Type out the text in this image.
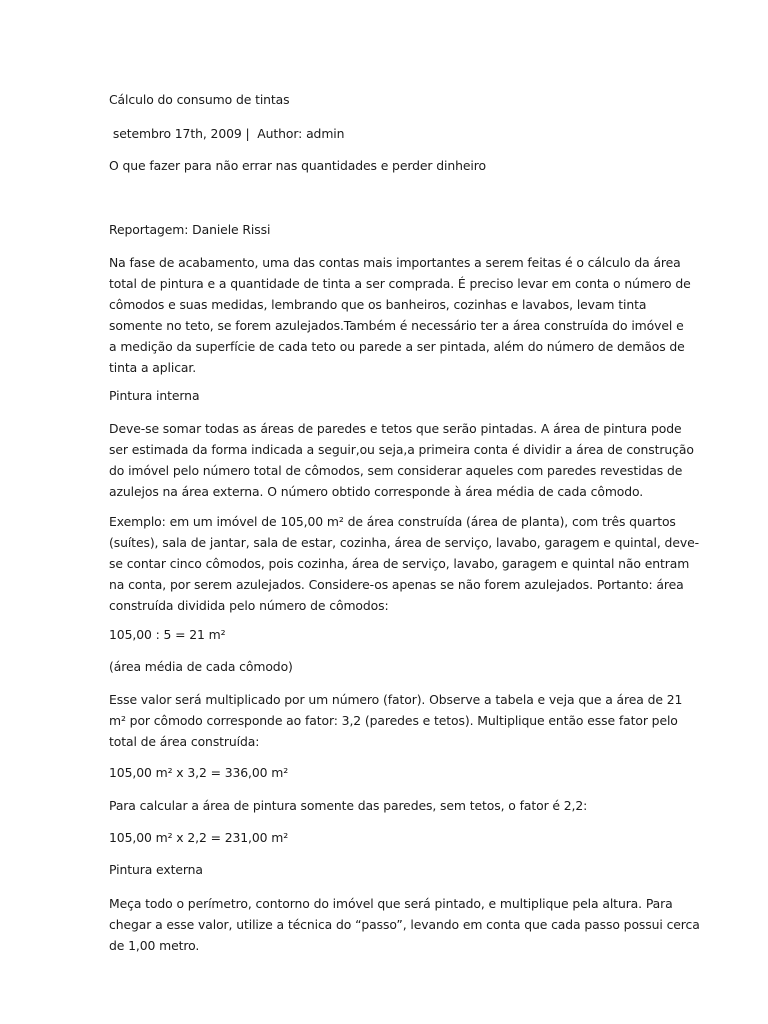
Cálculo do consumo de tintas

setembro 17th, 2009 |  Author: admin

O que fazer para não errar nas quantidades e perder dinheiro

Reportagem: Daniele Rissi

Na fase de acabamento, uma das contas mais importantes a serem feitas é o cálculo da área
total de pintura e a quantidade de tinta a ser comprada. É preciso levar em conta o número de
cômodos e suas medidas, lembrando que os banheiros, cozinhas e lavabos, levam tinta
somente no teto, se forem azulejados.Também é necessário ter a área construída do imóvel e
a medição da superfície de cada teto ou parede a ser pintada, além do número de demãos de
tinta a aplicar.

Pintura interna

Deve-se somar todas as áreas de paredes e tetos que serão pintadas. A área de pintura pode
ser estimada da forma indicada a seguir,ou seja,a primeira conta é dividir a área de construção
do imóvel pelo número total de cômodos, sem considerar aqueles com paredes revestidas de
azulejos na área externa. O número obtido corresponde à área média de cada cômodo.

Exemplo: em um imóvel de 105,00 m² de área construída (área de planta), com três quartos
(suítes), sala de jantar, sala de estar, cozinha, área de serviço, lavabo, garagem e quintal, deve-
se contar cinco cômodos, pois cozinha, área de serviço, lavabo, garagem e quintal não entram
na conta, por serem azulejados. Considere-os apenas se não forem azulejados. Portanto: área
construída dividida pelo número de cômodos:

105,00 : 5 = 21 m²

(área média de cada cômodo)

Esse valor será multiplicado por um número (fator). Observe a tabela e veja que a área de 21
m² por cômodo corresponde ao fator: 3,2 (paredes e tetos). Multiplique então esse fator pelo
total de área construída:

105,00 m² x 3,2 = 336,00 m²

Para calcular a área de pintura somente das paredes, sem tetos, o fator é 2,2:

105,00 m² x 2,2 = 231,00 m²

Pintura externa

Meça todo o perímetro, contorno do imóvel que será pintado, e multiplique pela altura. Para
chegar a esse valor, utilize a técnica do “passo”, levando em conta que cada passo possui cerca
de 1,00 metro.
